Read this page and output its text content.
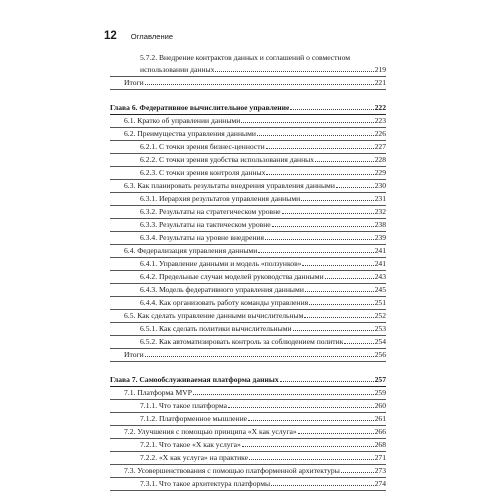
12 Оглавление
5.7.2. Внедрение контрактов данных и соглашений о совместном
использовании данных	219
Итоги	221
Глава 6. Федеративное вычислительное управление	222
6.1. Кратко об управлении данными	223
6.2. Преимущества управления данными	226
6.2.1. С точки зрения бизнес-ценности	227
6.2.2. С точки зрения удобства использования данных	228
6.2.3. С точки зрения контроля данных	229
6.3. Как планировать результаты внедрения управления данными	230
6.3.1. Иерархия результатов управления данными	231
6.3.2. Результаты на стратегическом уровне	232
6.3.3. Результаты на тактическом уровне	238
6.3.4. Результаты на уровне внедрения	239
6.4. Федерализация управления данными	241
6.4.1. Управление данными и модель «ползунков»	241
6.4.2. Предельные случаи моделей руководства данными	243
6.4.3. Модель федеративного управления данными	245
6.4.4. Как организовать работу команды управления	251
6.5. Как сделать управление данными вычислительным	252
6.5.1. Как сделать политики вычислительными	253
6.5.2. Как автоматизировать контроль за соблюдением политик	254
Итоги	256
Глава 7. Самообслуживаемая платформа данных	257
7.1. Платформа MVP	259
7.1.1. Что такое платформа	260
7.1.2. Платформенное мышление	261
7.2. Улучшения с помощью принципа «X как услуга»	266
7.2.1. Что такое «X как услуга»	268
7.2.2. «X как услуга» на практике	271
7.3. Усовершенствования с помощью платформенной архитектуры	273
7.3.1. Что такое архитектура платформы	274
